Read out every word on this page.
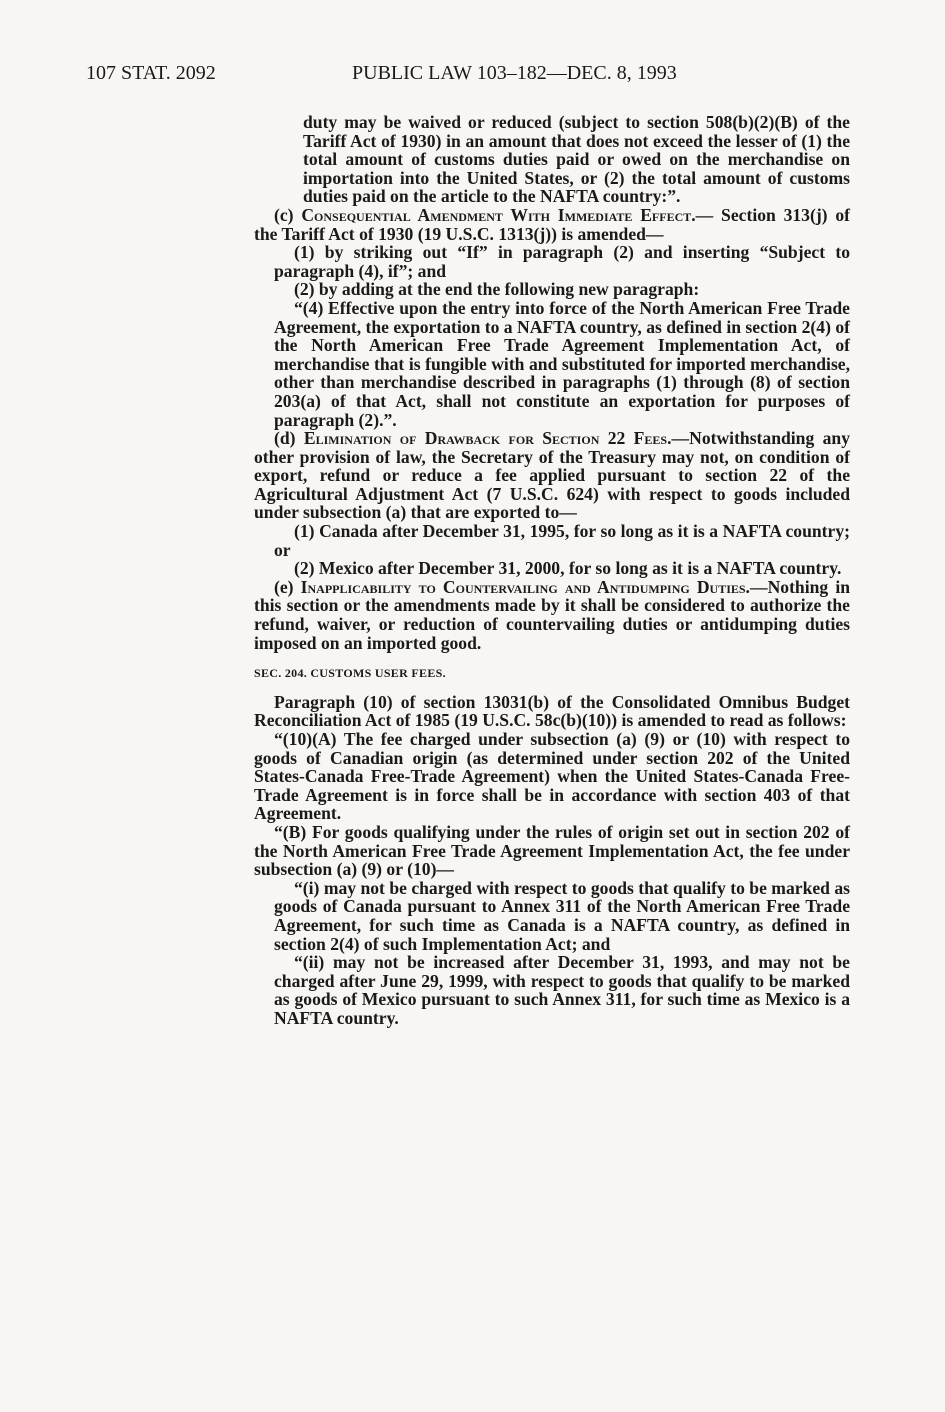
107 STAT. 2092	PUBLIC LAW 103–182—DEC. 8, 1993

duty may be waived or reduced (subject to section 508(b)(2)(B) of the Tariff Act of 1930) in an amount that does not exceed the lesser of (1) the total amount of customs duties paid or owed on the merchandise on importation into the United States, or (2) the total amount of customs duties paid on the article to the NAFTA country:”.

(c) Consequential Amendment With Immediate Effect.— Section 313(j) of the Tariff Act of 1930 (19 U.S.C. 1313(j)) is amended—

(1) by striking out “If” in paragraph (2) and inserting “Subject to paragraph (4), if”; and

(2) by adding at the end the following new paragraph:

“(4) Effective upon the entry into force of the North American Free Trade Agreement, the exportation to a NAFTA country, as defined in section 2(4) of the North American Free Trade Agreement Implementation Act, of merchandise that is fungible with and substituted for imported merchandise, other than merchandise described in paragraphs (1) through (8) of section 203(a) of that Act, shall not constitute an exportation for purposes of paragraph (2).”.

(d) Elimination of Drawback for Section 22 Fees.—Notwithstanding any other provision of law, the Secretary of the Treasury may not, on condition of export, refund or reduce a fee applied pursuant to section 22 of the Agricultural Adjustment Act (7 U.S.C. 624) with respect to goods included under subsection (a) that are exported to—

(1) Canada after December 31, 1995, for so long as it is a NAFTA country; or

(2) Mexico after December 31, 2000, for so long as it is a NAFTA country.

(e) Inapplicability to Countervailing and Antidumping Duties.—Nothing in this section or the amendments made by it shall be considered to authorize the refund, waiver, or reduction of countervailing duties or antidumping duties imposed on an imported good.

SEC. 204. CUSTOMS USER FEES.

Paragraph (10) of section 13031(b) of the Consolidated Omnibus Budget Reconciliation Act of 1985 (19 U.S.C. 58c(b)(10)) is amended to read as follows:

“(10)(A) The fee charged under subsection (a) (9) or (10) with respect to goods of Canadian origin (as determined under section 202 of the United States-Canada Free-Trade Agreement) when the United States-Canada Free-Trade Agreement is in force shall be in accordance with section 403 of that Agreement.

“(B) For goods qualifying under the rules of origin set out in section 202 of the North American Free Trade Agreement Implementation Act, the fee under subsection (a) (9) or (10)—

“(i) may not be charged with respect to goods that qualify to be marked as goods of Canada pursuant to Annex 311 of the North American Free Trade Agreement, for such time as Canada is a NAFTA country, as defined in section 2(4) of such Implementation Act; and

“(ii) may not be increased after December 31, 1993, and may not be charged after June 29, 1999, with respect to goods that qualify to be marked as goods of Mexico pursuant to such Annex 311, for such time as Mexico is a NAFTA country.
